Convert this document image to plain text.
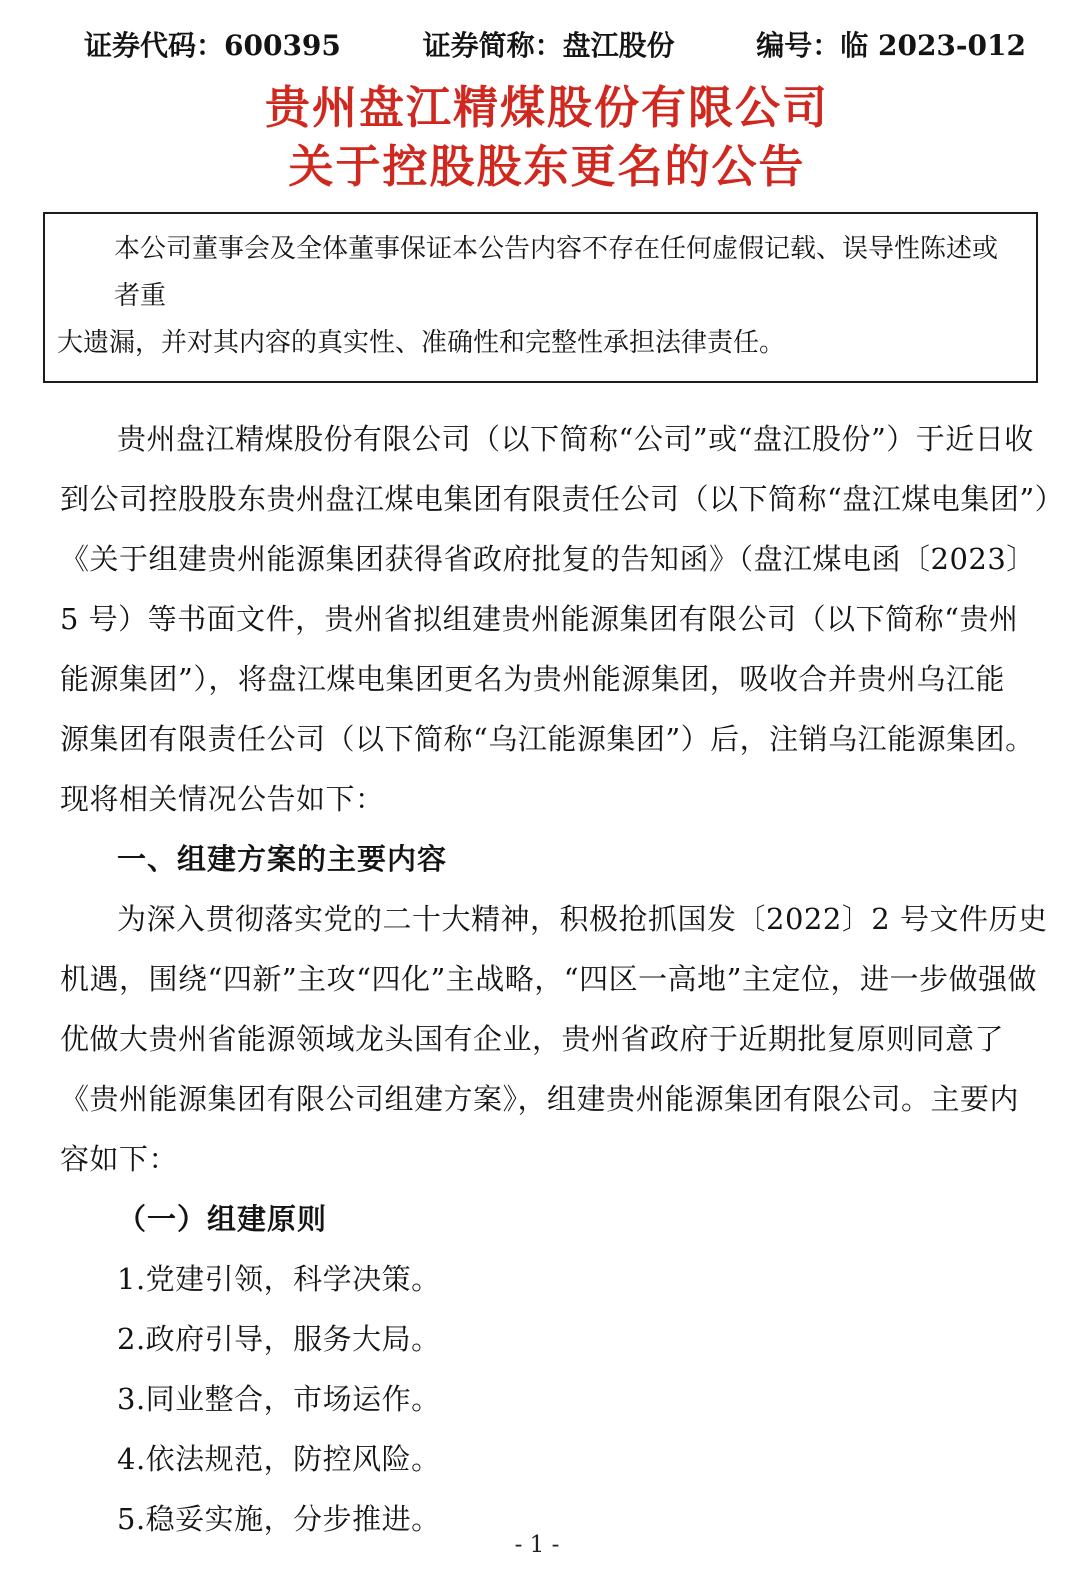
证券代码：600395	证券简称：盘江股份	编号：临 2023-012
贵州盘江精煤股份有限公司
关于控股股东更名的公告

本公司董事会及全体董事保证本公告内容不存在任何虚假记载、误导性陈述或者重

大遗漏，并对其内容的真实性、准确性和完整性承担法律责任。

贵州盘江精煤股份有限公司（以下简称“公司”或“盘江股份”）于近日收
到公司控股股东贵州盘江煤电集团有限责任公司（以下简称“盘江煤电集团”）
《关于组建贵州能源集团获得省政府批复的告知函》（盘江煤电函〔2023〕
5 号）等书面文件，贵州省拟组建贵州能源集团有限公司（以下简称“贵州
能源集团”），将盘江煤电集团更名为贵州能源集团，吸收合并贵州乌江能
源集团有限责任公司（以下简称“乌江能源集团”）后，注销乌江能源集团。
现将相关情况公告如下：
一、组建方案的主要内容
为深入贯彻落实党的二十大精神，积极抢抓国发〔2022〕2 号文件历史
机遇，围绕“四新”主攻“四化”主战略，“四区一高地”主定位，进一步做强做
优做大贵州省能源领域龙头国有企业，贵州省政府于近期批复原则同意了
《贵州能源集团有限公司组建方案》，组建贵州能源集团有限公司。主要内
容如下：
（一）组建原则
1.党建引领，科学决策。
2.政府引导，服务大局。
3.同业整合，市场运作。
4.依法规范，防控风险。
5.稳妥实施，分步推进。
- 1 -
